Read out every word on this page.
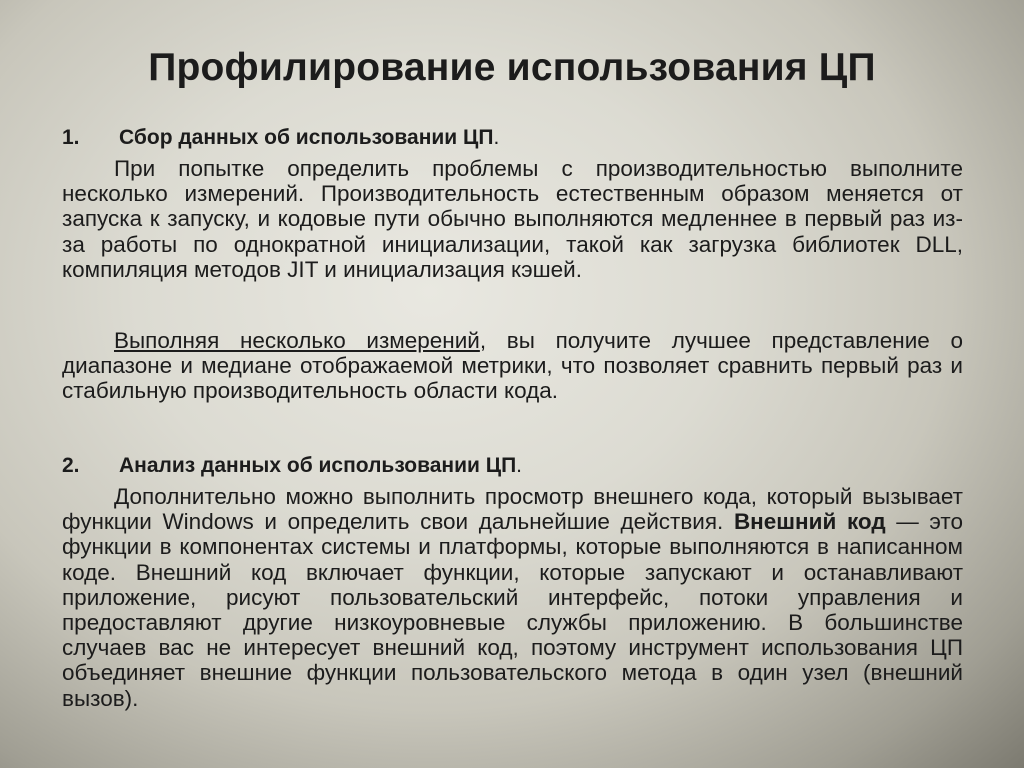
Профилирование использования ЦП
1. Сбор данных об использовании ЦП.
При попытке определить проблемы с производительностью выполните несколько измерений. Производительность естественным образом меняется от запуска к запуску, и кодовые пути обычно выполняются медленнее в первый раз из-за работы по однократной инициализации, такой как загрузка библиотек DLL, компиляция методов JIT и инициализация кэшей.
Выполняя несколько измерений, вы получите лучшее представление о диапазоне и медиане отображаемой метрики, что позволяет сравнить первый раз и стабильную производительность области кода.
2. Анализ данных об использовании ЦП.
Дополнительно можно выполнить просмотр внешнего кода, который вызывает функции Windows и определить свои дальнейшие действия. Внешний код — это функции в компонентах системы и платформы, которые выполняются в написанном коде. Внешний код включает функции, которые запускают и останавливают приложение, рисуют пользовательский интерфейс, потоки управления и предоставляют другие низкоуровневые службы приложению. В большинстве случаев вас не интересует внешний код, поэтому инструмент использования ЦП объединяет внешние функции пользовательского метода в один узел (внешний вызов).
